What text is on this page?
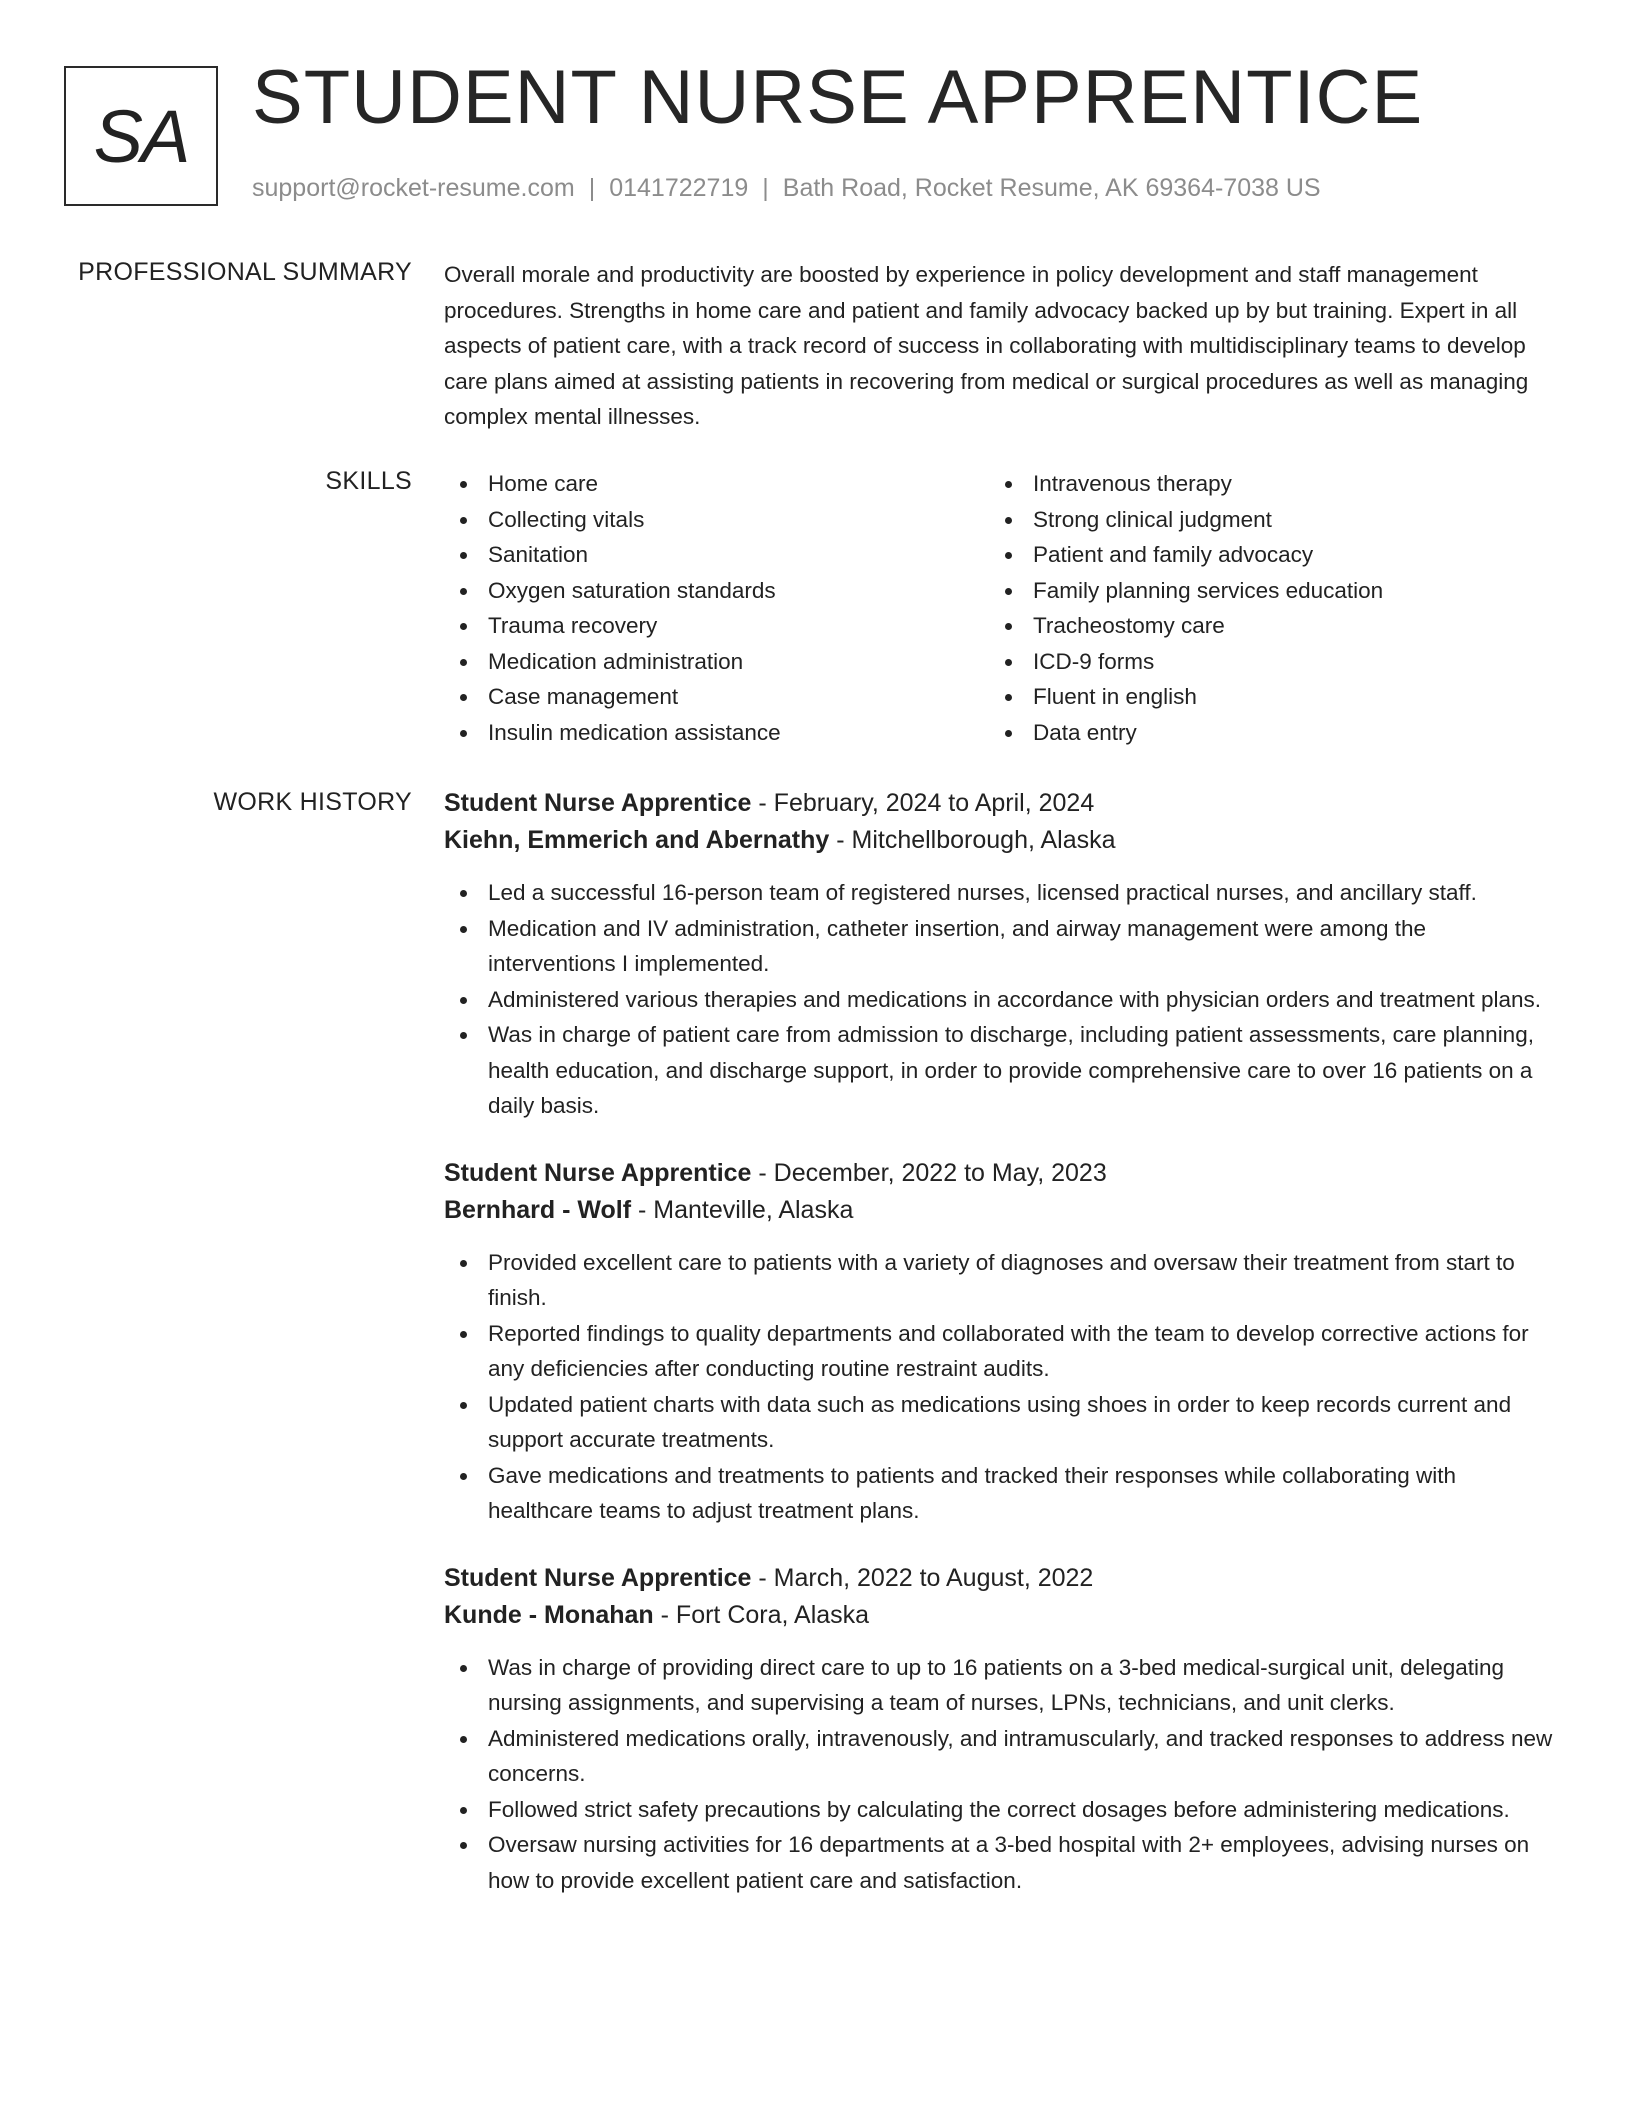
SA STUDENT NURSE APPRENTICE
support@rocket-resume.com | 0141722719 | Bath Road, Rocket Resume, AK 69364-7038 US
PROFESSIONAL SUMMARY Overall morale and productivity are boosted by experience in policy development and staff management procedures. Strengths in home care and patient and family advocacy backed up by but training. Expert in all aspects of patient care, with a track record of success in collaborating with multidisciplinary teams to develop care plans aimed at assisting patients in recovering from medical or surgical procedures as well as managing complex mental illnesses.

SKILLS	Home care
Collecting vitals
Sanitation
Oxygen saturation standards
Trauma recovery
Medication administration
Case management
Insulin medication assistance
Intravenous therapy
Strong clinical judgment
Patient and family advocacy
Family planning services education
Tracheostomy care
ICD-9 forms
Fluent in english
Data entry
WORK HISTORY Student Nurse Apprentice - February, 2024 to April, 2024
Kiehn, Emmerich and Abernathy - Mitchellborough, Alaska
Led a successful 16-person team of registered nurses, licensed practical nurses, and ancillary staff.
Medication and IV administration, catheter insertion, and airway management were among the interventions I implemented.
Administered various therapies and medications in accordance with physician orders and treatment plans.
Was in charge of patient care from admission to discharge, including patient assessments, care planning, health education, and discharge support, in order to provide comprehensive care to over 16 patients on a daily basis.
Student Nurse Apprentice - December, 2022 to May, 2023
Bernhard - Wolf - Manteville, Alaska
Provided excellent care to patients with a variety of diagnoses and oversaw their treatment from start to finish.
Reported findings to quality departments and collaborated with the team to develop corrective actions for any deficiencies after conducting routine restraint audits.
Updated patient charts with data such as medications using shoes in order to keep records current and support accurate treatments.
Gave medications and treatments to patients and tracked their responses while collaborating with healthcare teams to adjust treatment plans.
Student Nurse Apprentice - March, 2022 to August, 2022
Kunde - Monahan - Fort Cora, Alaska
Was in charge of providing direct care to up to 16 patients on a 3-bed medical-surgical unit, delegating nursing assignments, and supervising a team of nurses, LPNs, technicians, and unit clerks.
Administered medications orally, intravenously, and intramuscularly, and tracked responses to address new concerns.
Followed strict safety precautions by calculating the correct dosages before administering medications.
Oversaw nursing activities for 16 departments at a 3-bed hospital with 2+ employees, advising nurses on how to provide excellent patient care and satisfaction.
